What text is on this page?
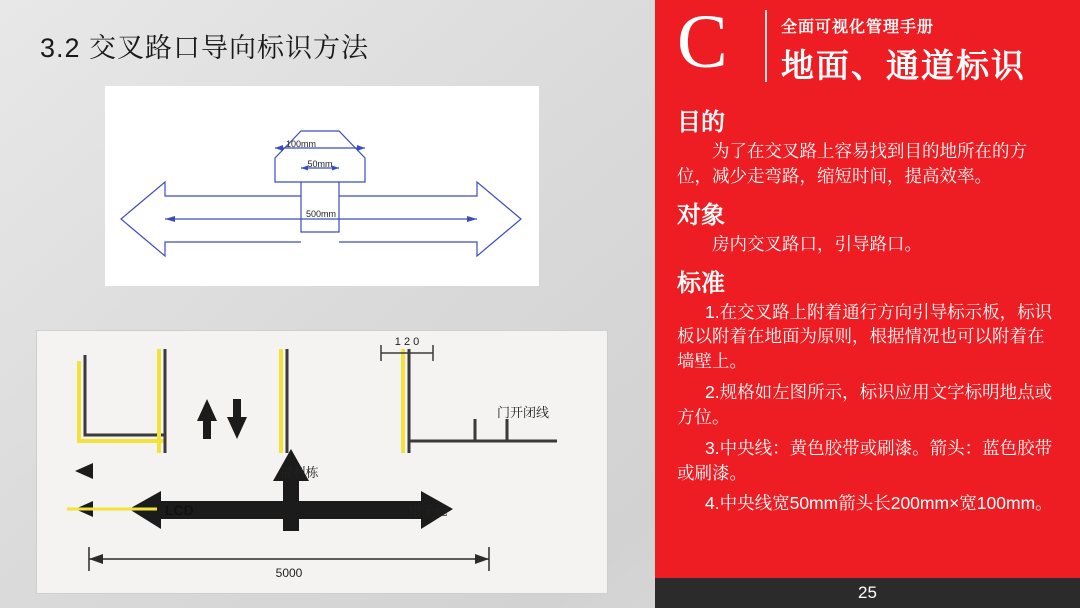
3.2 交叉路口导向标识方法
100mm
50mm
500mm
1 2 0
门开闭线
福利栋
LCD	电子枪
5000
C	全面可视化管理手册
地面、通道标识
目的

为了在交叉路上容易找到目的地所在的方位，减少走弯路，缩短时间，提高效率。

对象

房内交叉路口，引导路口。

标准

1.在交叉路上附着通行方向引导标示板，标识板以附着在地面为原则，根据情况也可以附着在墙壁上。

2.规格如左图所示，标识应用文字标明地点或方位。

3.中央线：黄色胶带或刷漆。箭头：蓝色胶带或刷漆。

4.中央线宽50mm箭头长200mm×宽100mm。

25
